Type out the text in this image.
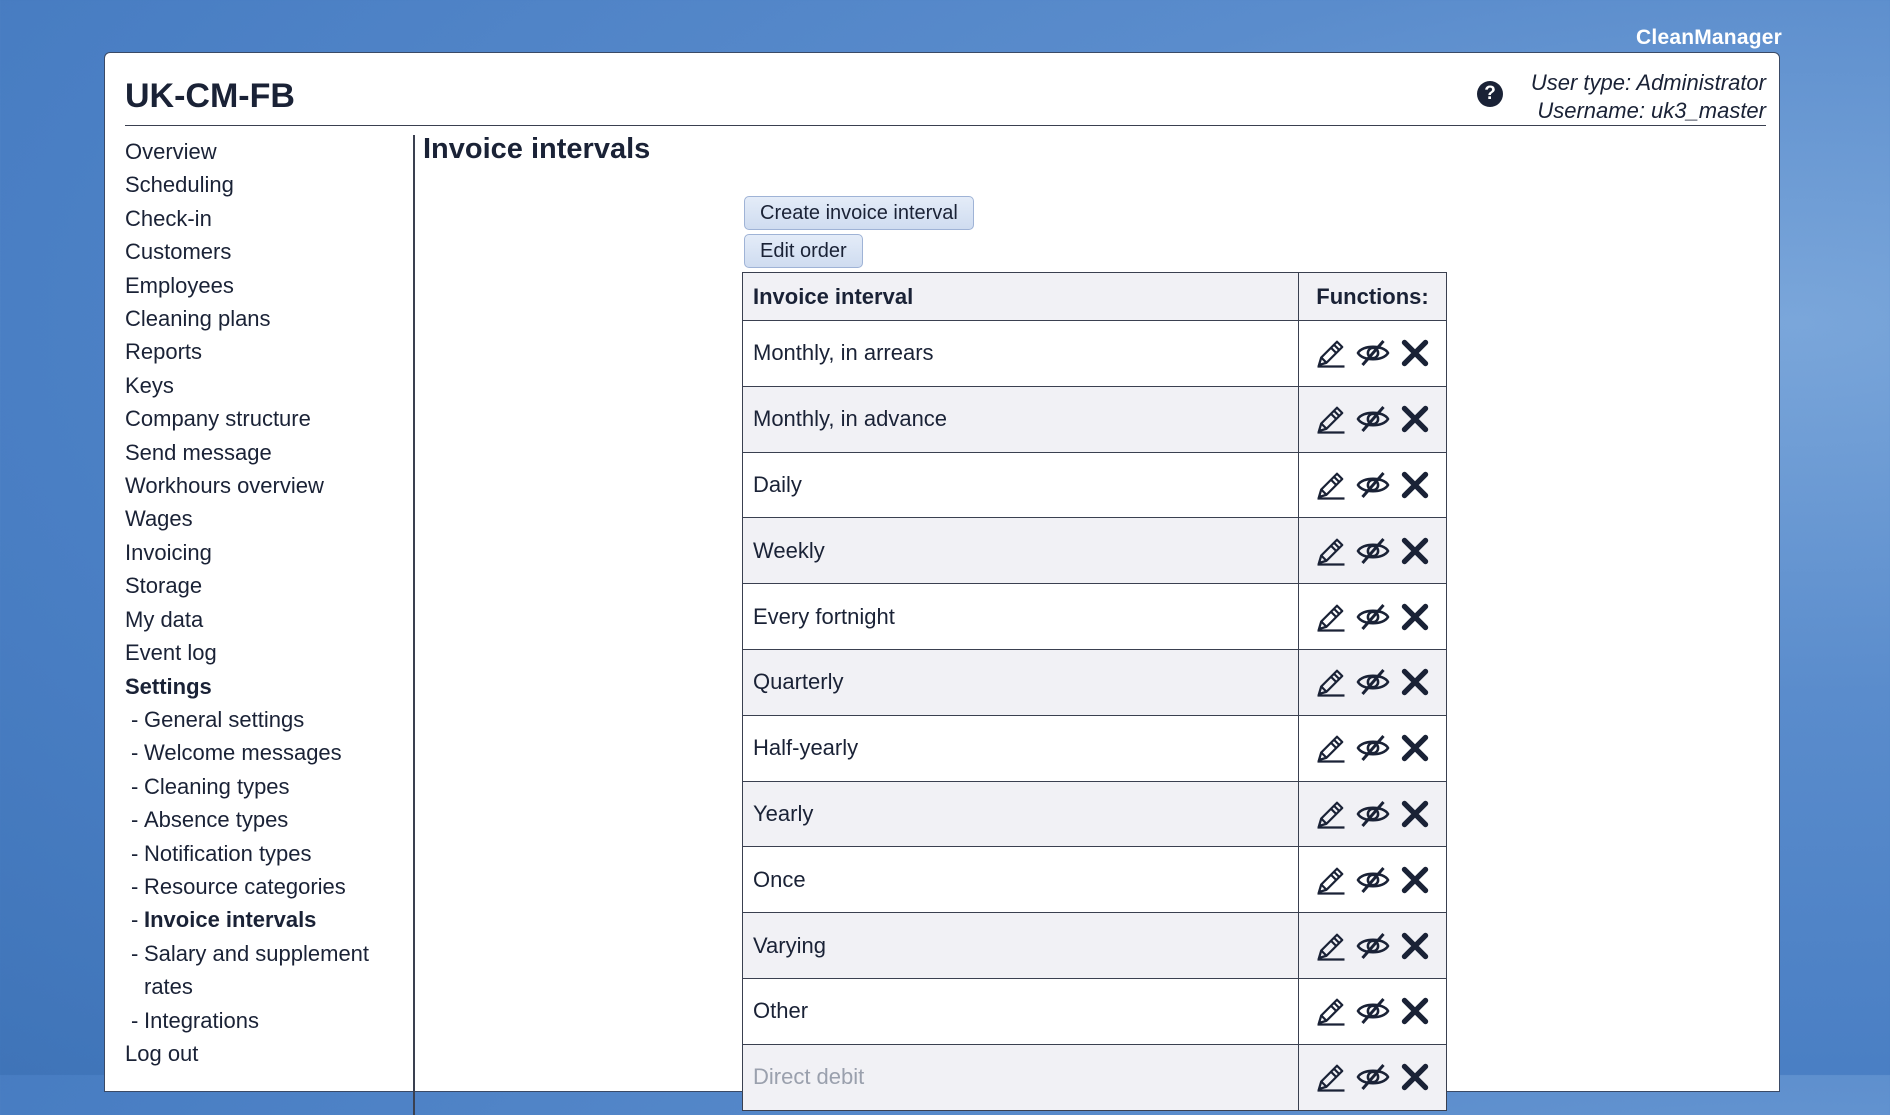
CleanManager
UK-CM-FB	?	User type: Administrator
Username: uk3_master
Overview
Scheduling
Check-in
Customers
Employees
Cleaning plans
Reports
Keys
Company structure
Send message
Workhours overview
Wages
Invoicing
Storage
My data
Event log
Settings
- General settings
- Welcome messages
- Cleaning types
- Absence types
- Notification types
- Resource categories
- Invoice intervals
- Salary and supplement rates
- Integrations
Log out
Invoice intervals
Create invoice interval
Edit order
Invoice interval	Functions:
Monthly, in arrears	
Monthly, in advance	
Daily	
Weekly	
Every fortnight	
Quarterly	
Half-yearly	
Yearly	
Once	
Varying	
Other	
Direct debit	
